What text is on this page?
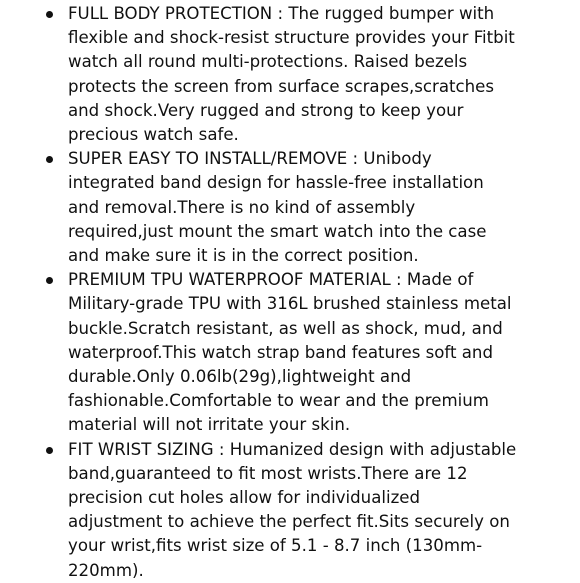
FULL BODY PROTECTION : The rugged bumper with
flexible and shock-resist structure provides your Fitbit
watch all round multi-protections. Raised bezels
protects the screen from surface scrapes,scratches
and shock.Very rugged and strong to keep your
precious watch safe.
SUPER EASY TO INSTALL/REMOVE : Unibody
integrated band design for hassle-free installation
and removal.There is no kind of assembly
required,just mount the smart watch into the case
and make sure it is in the correct position.
PREMIUM TPU WATERPROOF MATERIAL : Made of
Military-grade TPU with 316L brushed stainless metal
buckle.Scratch resistant, as well as shock, mud, and
waterproof.This watch strap band features soft and
durable.Only 0.06lb(29g),lightweight and
fashionable.Comfortable to wear and the premium
material will not irritate your skin.
FIT WRIST SIZING : Humanized design with adjustable
band,guaranteed to fit most wrists.There are 12
precision cut holes allow for individualized
adjustment to achieve the perfect fit.Sits securely on
your wrist,fits wrist size of 5.1 - 8.7 inch (130mm-
220mm).
